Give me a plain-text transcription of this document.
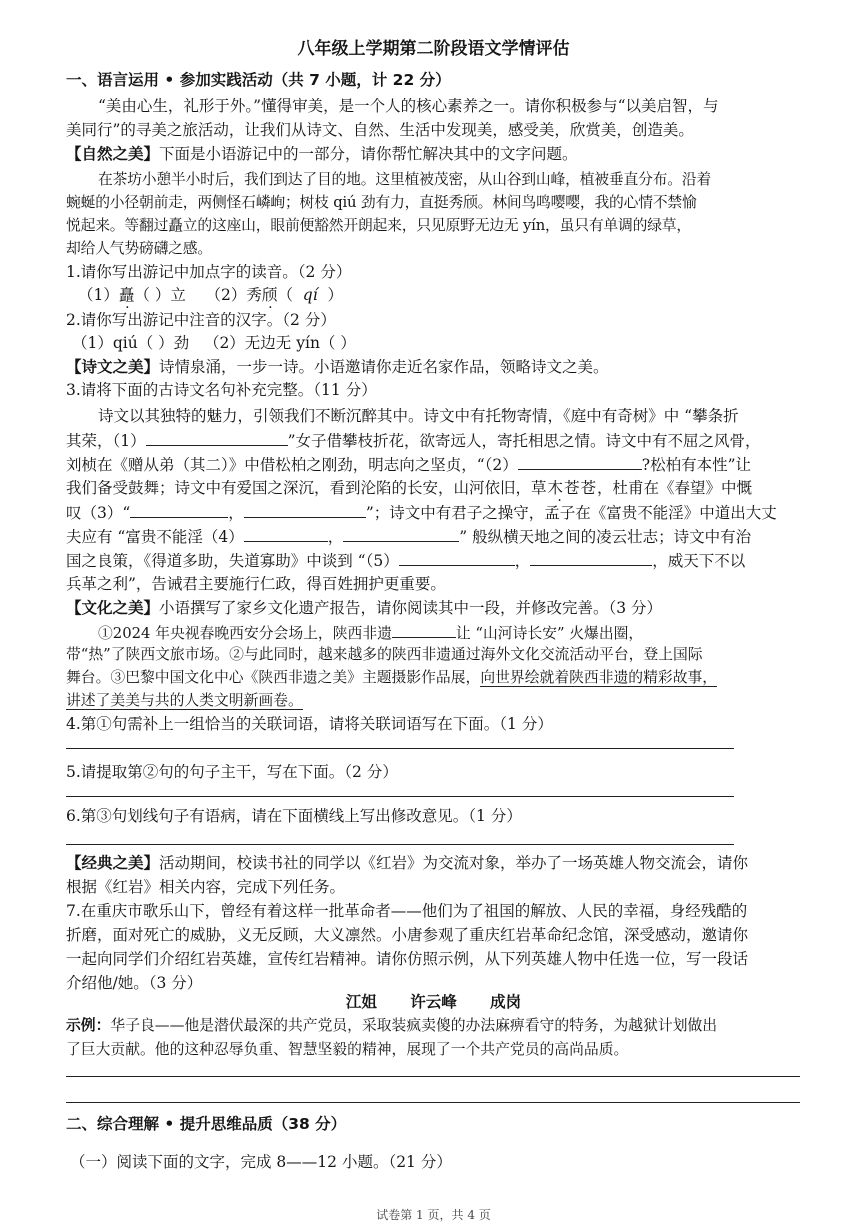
八年级上学期第二阶段语文学情评估
一、语言运用 • 参加实践活动（共 7 小题，计 22 分）
“美由心生，礼形于外。”懂得审美，是一个人的核心素养之一。请你积极参与“以美启智，与
美同行”的寻美之旅活动，让我们从诗文、自然、生活中发现美，感受美，欣赏美，创造美。
【自然之美】下面是小语游记中的一部分，请你帮忙解决其中的文字问题。
在茶坊小憩半小时后，我们到达了目的地。这里植被茂密，从山谷到山峰，植被垂直分布。沿着
蜿蜒的小径朝前走，两侧怪石嶙峋；树枝 qiú 劲有力，直挺秀颀。林间鸟鸣嘤嘤，我的心情不禁愉
悦起来。等翻过矗立的这座山，眼前便豁然开朗起来，只见原野无边无 yín，虽只有单调的绿草，
却给人气势磅礴之感。
1.请你写出游记中加点字的读音。（2 分）
（1）矗（ ）立 （2）秀颀（  qí  ）
2.请你写出游记中注音的汉字。（2 分）
（1）qiú（ ）劲 （2）无边无 yín（ ）
【诗文之美】诗情泉涌，一步一诗。小语邀请你走近名家作品，领略诗文之美。
3.请将下面的古诗文名句补充完整。（11 分）
诗文以其独特的魅力，引领我们不断沉醉其中。诗文中有托物寄情，《庭中有奇树》中 “攀条折
其荣，（1）	”女子借攀枝折花，欲寄远人，寄托相思之情。诗文中有不屈之风骨，
刘桢在《赠从弟（其二）》中借松柏之刚劲，明志向之坚贞，“（2）	?松柏有本性”让
我们备受鼓舞；诗文中有爱国之深沉，看到沦陷的长安，山河依旧，草木苍苍，杜甫在《春望》中慨
叹（3）“	，	”；诗文中有君子之操守，孟子在《富贵不能淫》中道出大丈
夫应有 “富贵不能淫（4）	，	” 般纵横天地之间的凌云壮志；诗文中有治
国之良策，《得道多助，失道寡助》中谈到 “（5）	，	，威天下不以
兵革之利”，告诫君主要施行仁政，得百姓拥护更重要。
【文化之美】小语撰写了家乡文化遗产报告，请你阅读其中一段，并修改完善。（3 分）
①2024 年央视春晚西安分会场上，陕西非遗	让 “山河诗长安” 火爆出圈，
带“热”了陕西文旅市场。②与此同时，越来越多的陕西非遗通过海外文化交流活动平台，登上国际
舞台。③巴黎中国文化中心《陕西非遗之美》主题摄影作品展，向世界绘就着陕西非遗的精彩故事，
讲述了美美与共的人类文明新画卷。
4.第①句需补上一组恰当的关联词语，请将关联词语写在下面。（1 分）
5.请提取第②句的句子主干，写在下面。（2 分）
6.第③句划线句子有语病，请在下面横线上写出修改意见。（1 分）
【经典之美】活动期间，校读书社的同学以《红岩》为交流对象，举办了一场英雄人物交流会，请你
根据《红岩》相关内容，完成下列任务。
7.在重庆市歌乐山下，曾经有着这样一批革命者——他们为了祖国的解放、人民的幸福，身经残酷的
折磨，面对死亡的威胁，义无反顾，大义凛然。小唐参观了重庆红岩革命纪念馆，深受感动，邀请你
一起向同学们介绍红岩英雄，宣传红岩精神。请你仿照示例，从下列英雄人物中任选一位，写一段话
介绍他/她。（3 分）
江姐 许云峰 成岗
示例：华子良——他是潜伏最深的共产党员，采取装疯卖傻的办法麻痹看守的特务，为越狱计划做出
了巨大贡献。他的这种忍辱负重、智慧坚毅的精神，展现了一个共产党员的高尚品质。
二、综合理解 • 提升思维品质（38 分）
（一）阅读下面的文字，完成 8——12 小题。（21 分）
试卷第 1 页，共 4 页
